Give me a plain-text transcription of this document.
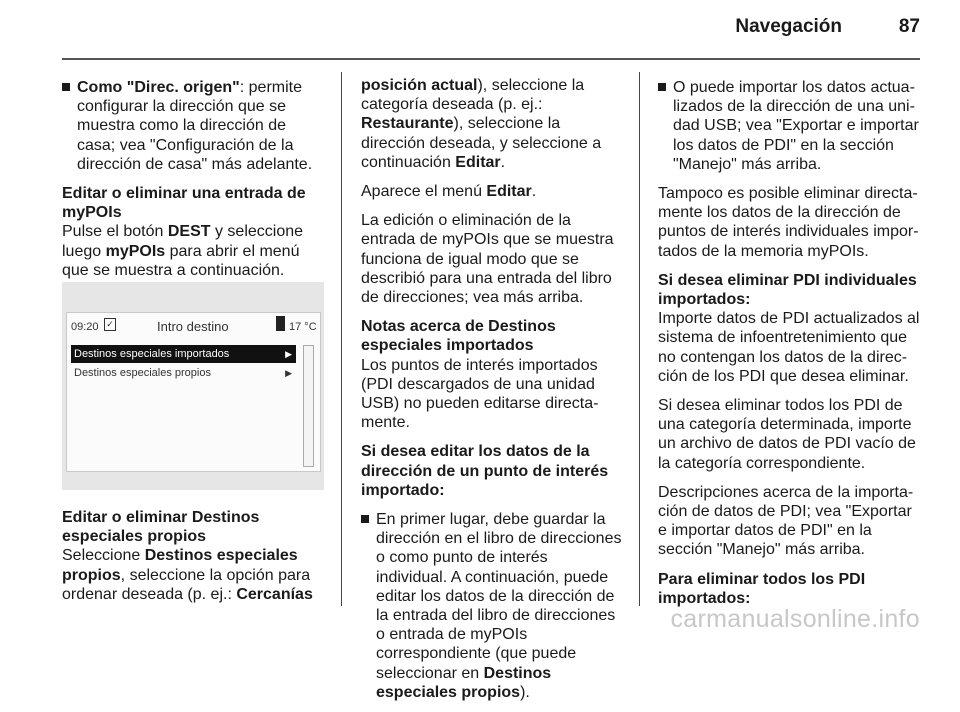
Navegación	87
Como "Direc. origen": permite configurar la dirección que se muestra como la dirección de casa; vea "Configuración de la dirección de casa" más adelante.

Editar o eliminar una entrada de myPOIs

Pulse el botón DEST y seleccione luego myPOIs para abrir el menú que se muestra a continuación.

09:20 ✓	Intro destino	17 °C
Destinos especiales importados	▶
Destinos especiales propios	▶

Editar o eliminar Destinos especiales propios

Seleccione Destinos especiales propios, seleccione la opción para ordenar deseada (p. ej.: Cercanías

posición actual), seleccione la categoría deseada (p. ej.: Restaurante), seleccione la dirección deseada, y seleccione a continuación Editar.

Aparece el menú Editar.

La edición o eliminación de la entrada de myPOIs que se muestra funciona de igual modo que se describió para una entrada del libro de direcciones; vea más arriba.

Notas acerca de Destinos especiales importados

Los puntos de interés importados (PDI descargados de una unidad USB) no pueden editarse directamente.

Si desea editar los datos de la dirección de un punto de interés importado:

En primer lugar, debe guardar la dirección en el libro de direcciones o como punto de interés individual. A continuación, puede editar los datos de la dirección de la entrada del libro de direcciones o entrada de myPOIs correspondiente (que puede seleccionar en Destinos especiales propios).
O puede importar los datos actualizados de la dirección de una unidad USB; vea "Exportar e importar los datos de PDI" en la sección "Manejo" más arriba.

Tampoco es posible eliminar directamente los datos de la dirección de puntos de interés individuales importados de la memoria myPOIs.

Si desea eliminar PDI individuales importados:

Importe datos de PDI actualizados al sistema de infoentretenimiento que no contengan los datos de la dirección de los PDI que desea eliminar.

Si desea eliminar todos los PDI de una categoría determinada, importe un archivo de datos de PDI vacío de la categoría correspondiente.

Descripciones acerca de la importación de datos de PDI; vea "Exportar e importar datos de PDI" en la sección "Manejo" más arriba.

Para eliminar todos los PDI importados:

carmanualsonline.info
